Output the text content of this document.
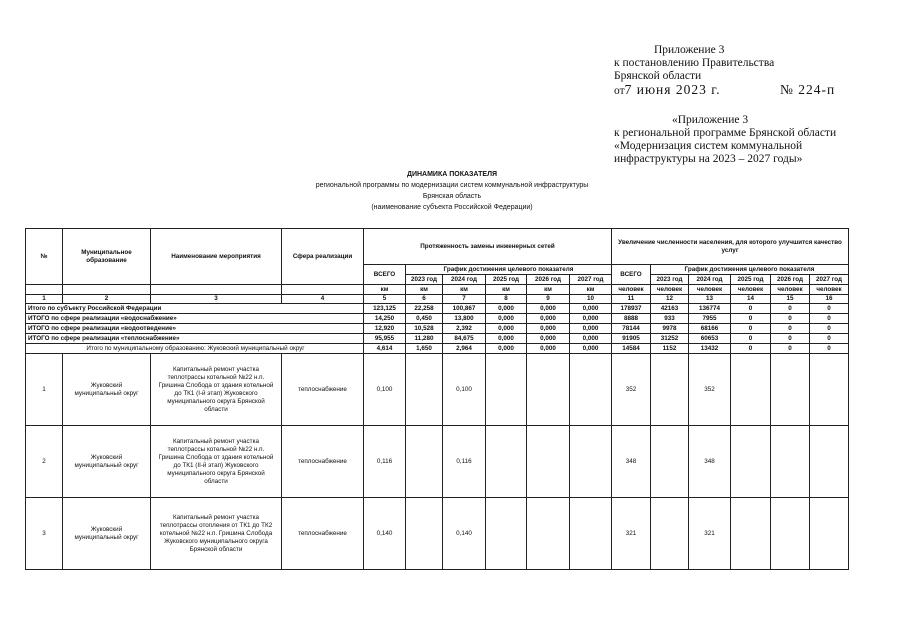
Приложение 3
к постановлению Правительства
Брянской области
от7 июня 2023 г.	№ 224-п
«Приложение 3
к региональной программе Брянской области
«Модернизация систем коммунальной
инфраструктуры на 2023 – 2027 годы»
ДИНАМИКА ПОКАЗАТЕЛЯ
региональной программы по модернизации систем коммунальной инфраструктуры
Брянская область
(наименование субъекта Российской Федерации)
№	Муниципальное образование	Наименование мероприятия	Сфера реализации	Протяженность замены инженерных сетей						Увеличение численности населения, для которого улучшится качество услуг					
				ВСЕГО	График достижения целевого показателя					ВСЕГО	График достижения целевого показателя				
					2023 год	2024 год	2025 год	2026 год	2027 год		2023 год	2024 год	2025 год	2026 год	2027 год
				км	км	км	км	км	км	человек	человек	человек	человек	человек	человек
1	2	3	4	5	6	7	8	9	10	11	12	13	14	15	16
Итого по субъекту Российской Федерации				123,125	22,258	100,867	0,000	0,000	0,000	178937	42163	136774	0	0	0
ИТОГО по сфере реализации «водоснабжение»				14,250	0,450	13,800	0,000	0,000	0,000	8888	933	7955	0	0	0
ИТОГО по сфере реализации «водоотведение»				12,920	10,528	2,392	0,000	0,000	0,000	78144	9978	68166	0	0	0
ИТОГО по сфере реализации «теплоснабжение»				95,955	11,280	84,675	0,000	0,000	0,000	91905	31252	60653	0	0	0
Итого по муниципальному образованию: Жуковский муниципальный округ				4,614	1,650	2,964	0,000	0,000	0,000	14584	1152	13432	0	0	0
1	Жуковский муниципальный округ	Капитальный ремонт участка теплотрассы котельной №22 н.п. Гришина Слобода от здания котельной до ТК1 (I-й этап) Жуковского муниципального округа Брянской области	теплоснабжение	0,100		0,100				352		352			
2	Жуковский муниципальный округ	Капитальный ремонт участка теплотрассы котельной №22 н.п. Гришина Слобода от здания котельной до ТК1 (II-й этап) Жуковского муниципального округа Брянской области	теплоснабжение	0,116		0,116				348		348			
3	Жуковский муниципальный округ	Капитальный ремонт участка теплотрассы отопления от ТК1 до ТК2 котельной №22 н.п. Гришина Слобода Жуковского муниципального округа Брянской области	теплоснабжение	0,140		0,140				321		321			
